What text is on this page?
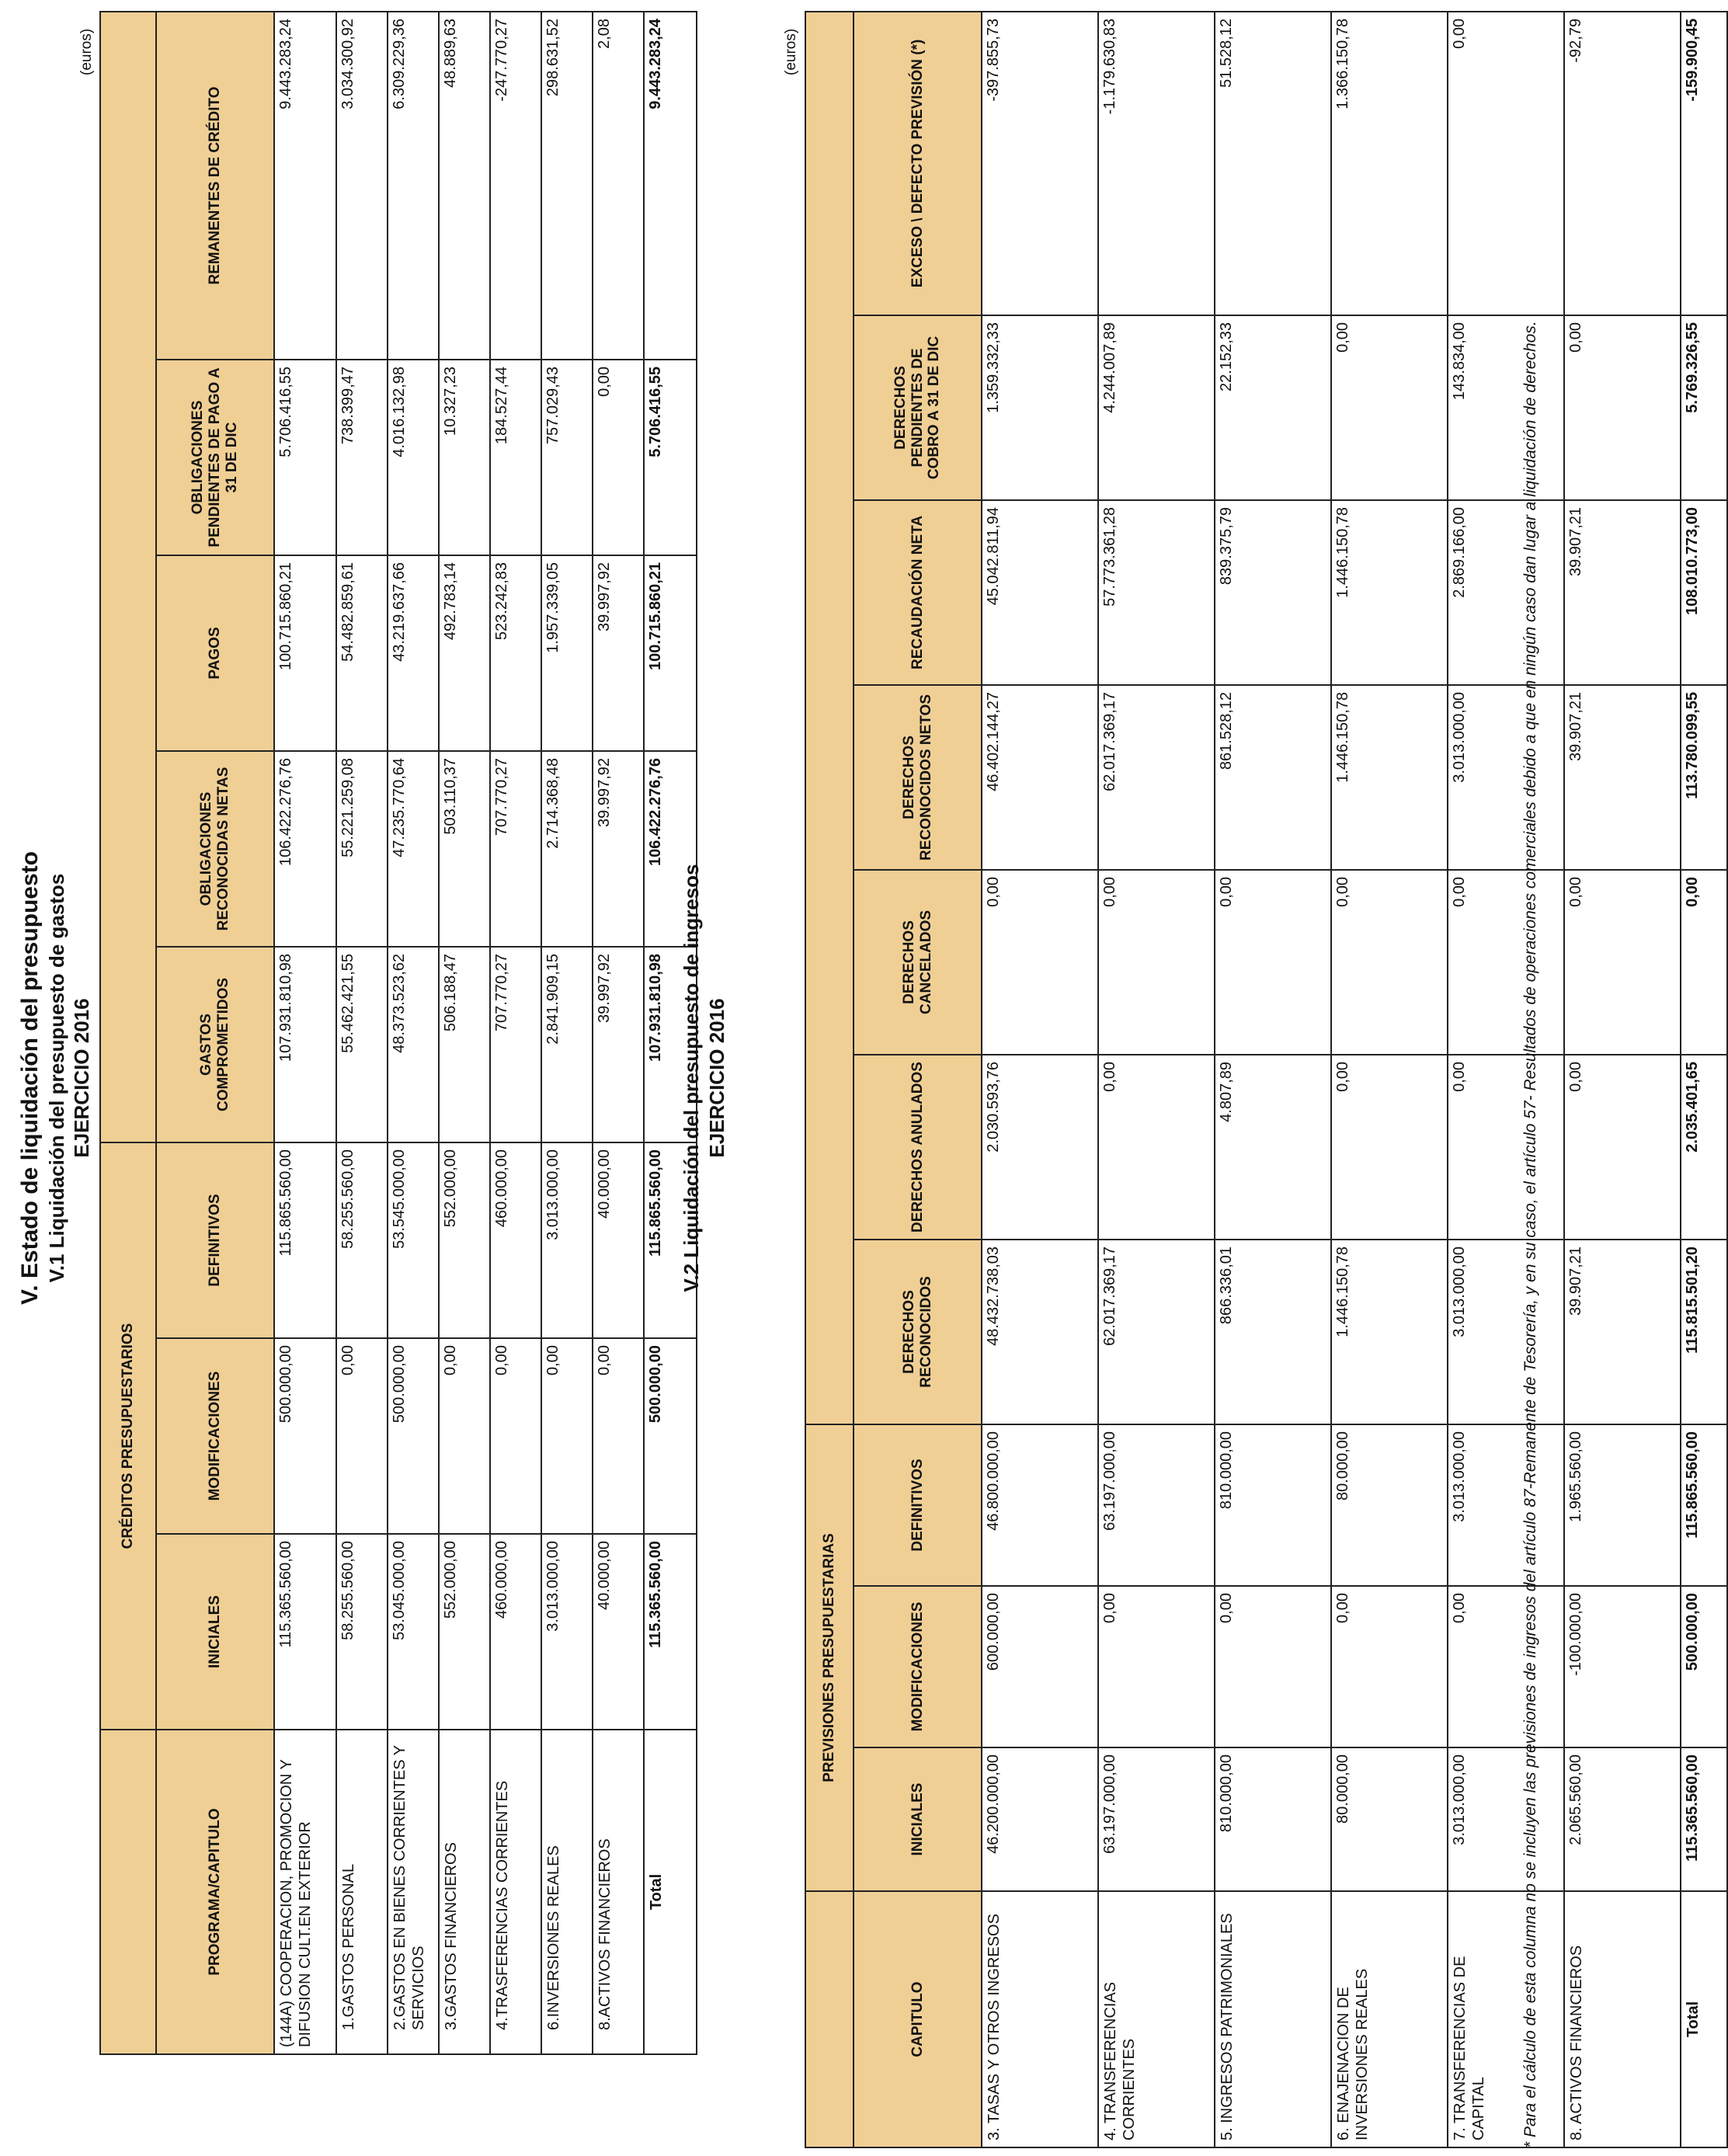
V. Estado de liquidación del presupuesto V.1 Liquidación del presupuesto de gastos EJERCICIO 2016
(euros)
	CRÉDITOS PRESUPUESTARIOS							
PROGRAMA/CAPITULO	INICIALES	MODIFICACIONES	DEFINITIVOS	GASTOS COMPROMETIDOS	OBLIGACIONES RECONOCIDAS NETAS	PAGOS	OBLIGACIONES PENDIENTES DE PAGO A 31 DE DIC	REMANENTES DE CRÉDITO
(144A) COOPERACION, PROMOCION Y DIFUSION CULT.EN EXTERIOR	115.365.560,00	500.000,00	115.865.560,00	107.931.810,98	106.422.276,76	100.715.860,21	5.706.416,55	9.443.283,24
1.GASTOS PERSONAL	58.255.560,00	0,00	58.255.560,00	55.462.421,55	55.221.259,08	54.482.859,61	738.399,47	3.034.300,92
2.GASTOS EN BIENES CORRIENTES Y SERVICIOS	53.045.000,00	500.000,00	53.545.000,00	48.373.523,62	47.235.770,64	43.219.637,66	4.016.132,98	6.309.229,36
3.GASTOS FINANCIEROS	552.000,00	0,00	552.000,00	506.188,47	503.110,37	492.783,14	10.327,23	48.889,63
4.TRASFERENCIAS CORRIENTES	460.000,00	0,00	460.000,00	707.770,27	707.770,27	523.242,83	184.527,44	-247.770,27
6.INVERSIONES REALES	3.013.000,00	0,00	3.013.000,00	2.841.909,15	2.714.368,48	1.957.339,05	757.029,43	298.631,52
8.ACTIVOS FINANCIEROS	40.000,00	0,00	40.000,00	39.997,92	39.997,92	39.997,92	0,00	2,08
Total	115.365.560,00	500.000,00	115.865.560,00	107.931.810,98	106.422.276,76	100.715.860,21	5.706.416,55	9.443.283,24
V.2 Liquidación del presupuesto de ingresos EJERCICIO 2016
(euros)
	PREVISIONES PRESUPUESTARIAS									
CAPITULO	INICIALES	MODIFICACIONES	DEFINITIVOS	DERECHOS RECONOCIDOS	DERECHOS ANULADOS	DERECHOS CANCELADOS	DERECHOS RECONOCIDOS NETOS	RECAUDACIÓN NETA	DERECHOS PENDIENTES DE COBRO A 31 DE DIC	EXCESO \ DEFECTO PREVISIÓN (*)
3. TASAS Y OTROS INGRESOS	46.200.000,00	600.000,00	46.800.000,00	48.432.738,03	2.030.593,76	0,00	46.402.144,27	45.042.811,94	1.359.332,33	-397.855,73
4. TRANSFERENCIAS CORRIENTES	63.197.000,00	0,00	63.197.000,00	62.017.369,17	0,00	0,00	62.017.369,17	57.773.361,28	4.244.007,89	-1.179.630,83
5. INGRESOS PATRIMONIALES	810.000,00	0,00	810.000,00	866.336,01	4.807,89	0,00	861.528,12	839.375,79	22.152,33	51.528,12
6. ENAJENACION DE INVERSIONES REALES	80.000,00	0,00	80.000,00	1.446.150,78	0,00	0,00	1.446.150,78	1.446.150,78	0,00	1.366.150,78
7. TRANSFERENCIAS DE CAPITAL	3.013.000,00	0,00	3.013.000,00	3.013.000,00	0,00	0,00	3.013.000,00	2.869.166,00	143.834,00	0,00
8. ACTIVOS FINANCIEROS	2.065.560,00	-100.000,00	1.965.560,00	39.907,21	0,00	0,00	39.907,21	39.907,21	0,00	-92,79
Total	115.365.560,00	500.000,00	115.865.560,00	115.815.501,20	2.035.401,65	0,00	113.780.099,55	108.010.773,00	5.769.326,55	-159.900,45
* Para el cálculo de esta columna no se incluyen las previsiones de ingresos del artículo 87-Remanente de Tesorería, y en su caso, el artículo 57- Resultados de operaciones comerciales debido a que en ningún caso dan lugar a liquidación de derechos.
